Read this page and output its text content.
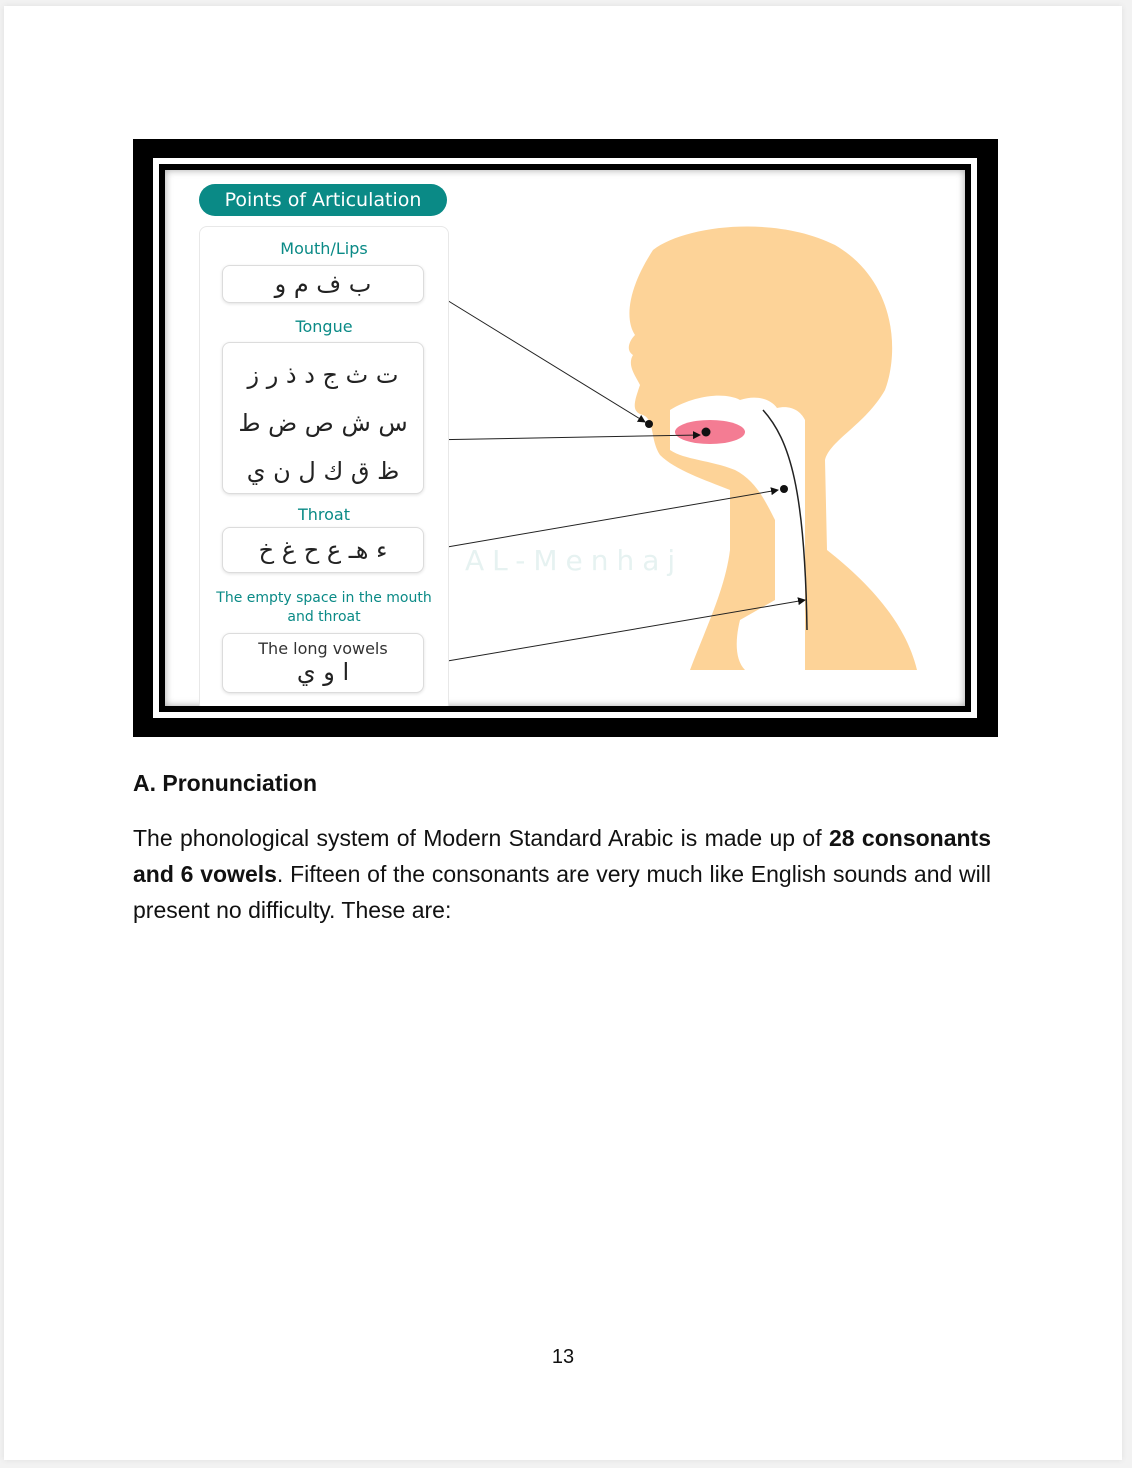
AL-Menhaj
Points of Articulation
Mouth/Lips
ب ف م و
Tongue
ت ث ج د ذ ر ز
س ش ص ض ط
ظ ق ك ل ن ي
Throat
ء هـ ع ح غ خ
The empty space in the mouth and throat
The long vowels
ا و ي
A. Pronunciation
The phonological system of Modern Standard Arabic is made up of 28 consonants and 6 vowels. Fifteen of the consonants are very much like English sounds and will present no difficulty. These are:
13
